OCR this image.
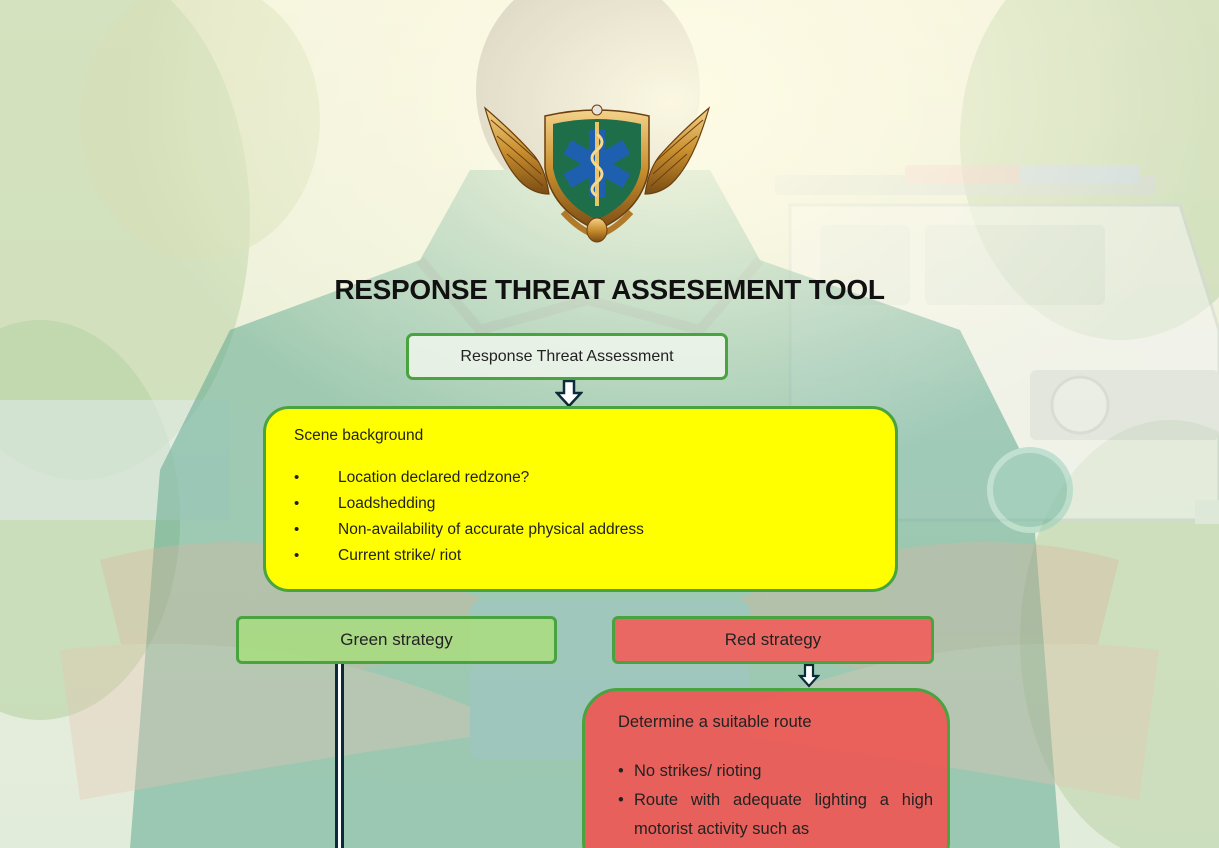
RESPONSE THREAT ASSESEMENT TOOL
Response Threat Assessment
Scene background
•	Location declared redzone?
•	Loadshedding
•	Non-availability of accurate physical address
•	Current strike/ riot
Green strategy	Red strategy
Determine a suitable route
• No strikes/ rioting
• Route with adequate lighting a high motorist activity such as
